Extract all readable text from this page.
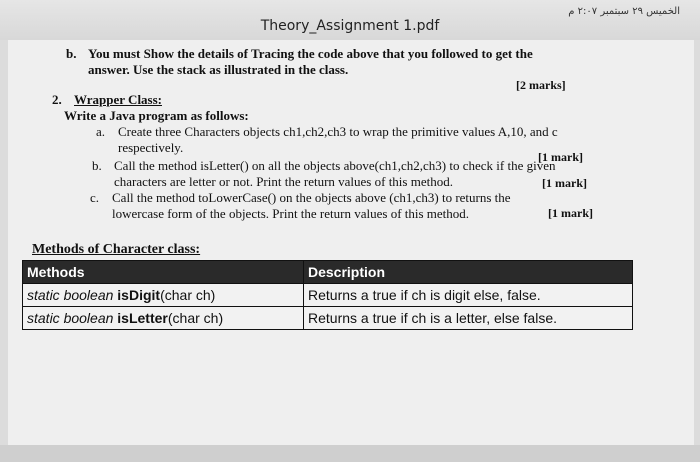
الخميس ٢٩ سبتمبر ٢:٠٧ م
Theory_Assignment 1.pdf
b. You must Show the details of Tracing the code above that you followed to get the
answer. Use the stack as illustrated in the class.
[2 marks]
2. Wrapper Class:
Write a Java program as follows:
a. Create three Characters objects ch1,ch2,ch3 to wrap the primitive values A,10, and c
respectively.
[1 mark]
b. Call the method isLetter() on all the objects above(ch1,ch2,ch3) to check if the given
characters are letter or not. Print the return values of this method.	[1 mark]
c. Call the method toLowerCase() on the objects above (ch1,ch3) to returns the
lowercase form of the objects. Print the return values of this method.	[1 mark]
Methods of Character class:
Methods	Description
static boolean isDigit(char ch)	Returns a true if ch is digit else, false.
static boolean isLetter(char ch)	Returns a true if ch is a letter, else false.
